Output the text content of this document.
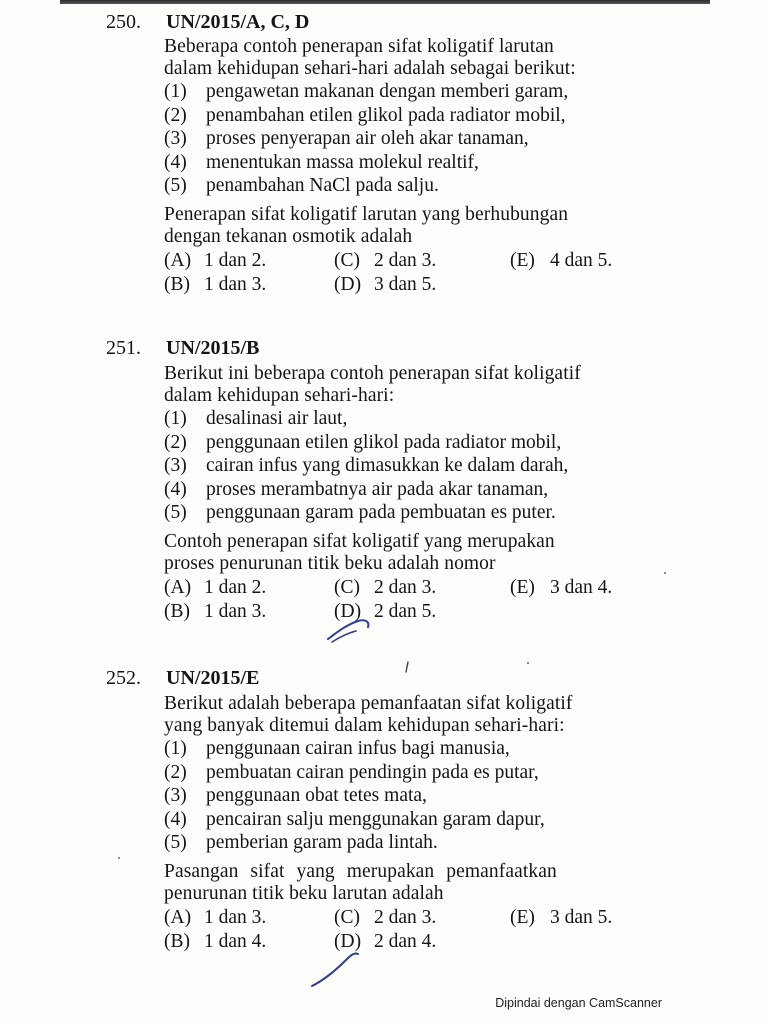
250. UN/2015/A, C, D
Beberapa contoh penerapan sifat koligatif larutan
dalam kehidupan sehari-hari adalah sebagai berikut:
(1) pengawetan makanan dengan memberi garam,
(2) penambahan etilen glikol pada radiator mobil,
(3) proses penyerapan air oleh akar tanaman,
(4) menentukan massa molekul realtif,
(5) penambahan NaCl pada salju.
Penerapan sifat koligatif larutan yang berhubungan
dengan tekanan osmotik adalah
(A) 1 dan 2.
(B) 1 dan 3.
(C) 2 dan 3.
(D) 3 dan 5.
(E) 4 dan 5.
251. UN/2015/B
Berikut ini beberapa contoh penerapan sifat koligatif
dalam kehidupan sehari-hari:
(1) desalinasi air laut,
(2) penggunaan etilen glikol pada radiator mobil,
(3) cairan infus yang dimasukkan ke dalam darah,
(4) proses merambatnya air pada akar tanaman,
(5) penggunaan garam pada pembuatan es puter.
Contoh penerapan sifat koligatif yang merupakan
proses penurunan titik beku adalah nomor
(A) 1 dan 2.
(B) 1 dan 3.
(C) 2 dan 3.
(D) 2 dan 5.
(E) 3 dan 4.
252. UN/2015/E
Berikut adalah beberapa pemanfaatan sifat koligatif
yang banyak ditemui dalam kehidupan sehari-hari:
(1) penggunaan cairan infus bagi manusia,
(2) pembuatan cairan pendingin pada es putar,
(3) penggunaan obat tetes mata,
(4) pencairan salju menggunakan garam dapur,
(5) pemberian garam pada lintah.
Pasangan sifat yang merupakan pemanfaatkan
penurunan titik beku larutan adalah
(A) 1 dan 3.
(B) 1 dan 4.
(C) 2 dan 3.
(D) 2 dan 4.
(E) 3 dan 5.
Dipindai dengan CamScanner
